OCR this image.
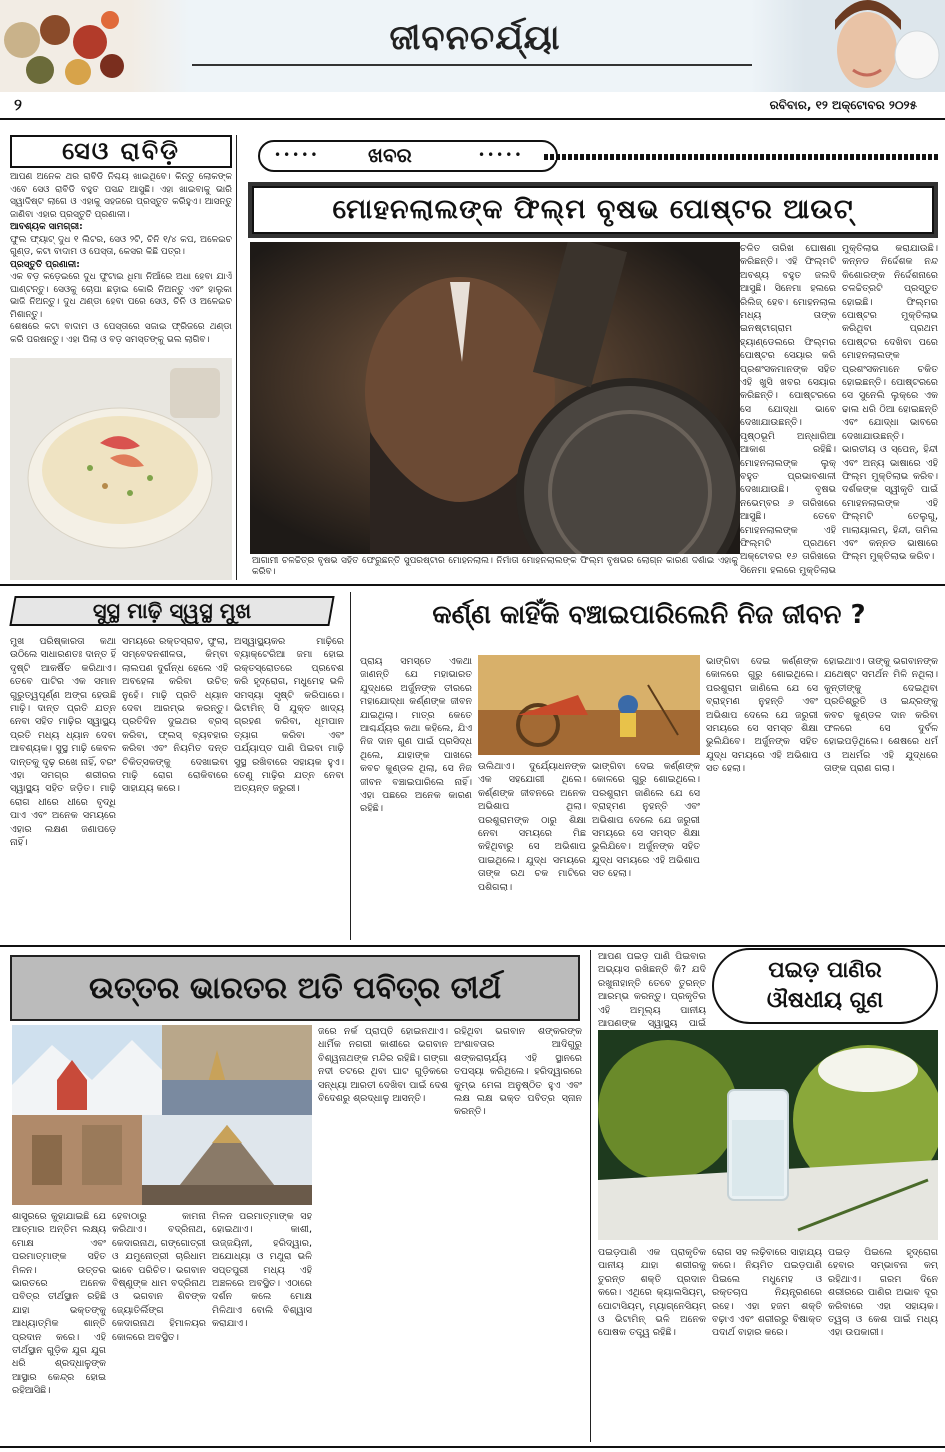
ଜୀବନଚର୍ଯ୍ୟା
୨	ରବିବାର, ୧୨ ଅକ୍ଟୋବର ୨୦୨୫
ସେଓ ରାବିଡ଼ି

ଆପଣ ଅନେକ ଥର ରାବିଡି ନିଶ୍ଚୟ ଖାଇଥିବେ। କିନ୍ତୁ ଲୋକଙ୍କ ଏବେ ସେଓ ରାବିଡି ବହୁତ ପସନ୍ଦ ଆସୁଛି। ଏହା ଖାଇବାକୁ ଭାରି ସ୍ୱାଦିଷ୍ଟ ଲାଗେ ଓ ଏହାକୁ ସହଜରେ ପ୍ରସ୍ତୁତ କରିହୁଏ। ଆସନ୍ତୁ ଜାଣିବା ଏହାର ପ୍ରସ୍ତୁତି ପ୍ରଣାଳୀ।

ଆବଶ୍ୟକ ସାମଗ୍ରୀ:

ଫୁଲ ଫ୍ୟାଟ୍ ଦୁଧ ୧ ଲିଟର, ସେଓ ୨ଟି, ଚିନି ୧/୪ କପ, ଅଳେଇଚ ଗୁଣ୍ଡ, କଟା ବାଦାମ ଓ ପେସ୍ତା, କେସର କିଛି ପତ୍ର।

ପ୍ରସ୍ତୁତି ପ୍ରଣାଳୀ:

ଏକ ବଡ଼ କଡ଼େଇରେ ଦୁଧ ଫୁଟାଇ ଧିମା ନିଆଁରେ ଅଧା ହେବା ଯାଏଁ ଘାଣ୍ଟନ୍ତୁ। ସେଓକୁ ଚୋପା ଛଡ଼ାଇ କୋରି ନିଅନ୍ତୁ ଏବଂ ହାଲୁକା ଭାଜି ନିଅନ୍ତୁ। ଦୁଧ ଥଣ୍ଡା ହେବା ପରେ ସେଓ, ଚିନି ଓ ଅଳେଇଚ ମିଶାନ୍ତୁ।

ଶେଷରେ କଟା ବାଦାମ ଓ ପେସ୍ତାରେ ସଜାଇ ଫ୍ରିଜରେ ଥଣ୍ଡା କରି ପରଷନ୍ତୁ। ଏହା ପିଲା ଓ ବଡ଼ ସମସ୍ତଙ୍କୁ ଭଲ ଲାଗିବ।

••••• ଖବର	•••••
ମୋହନଲାଲଙ୍କ ଫିଲ୍ମ ବୃଷଭ ପୋଷ୍ଟର ଆଉଟ୍
ଆଗାମୀ ଚଳଚ୍ଚିତ୍ର ବୃଷଭ ସହିତ ଫେରୁଛନ୍ତି ସୁପରଷ୍ଟାର ମୋହନଲାଲ। ନିର୍ମାତା ମୋହନଲାଲଙ୍କ ଫିଲ୍ମ ବୃଷଭର ଲୋଗ୍ନ କାରଣ ଦର୍ଶାଇ ଏହାକୁ କରିବ।
ଚଳିତ ତାରିଖ ଘୋଷଣା କରିଛନ୍ତି। ଏହି ଫିଲ୍ମଟି ଅବଶ୍ୟ ବହୁତ ଜଲଦି ଆସୁଛି। ସିନେମା ହଲରେ ରିଲିଜ୍ ହେବ। ମୋହନଲାଲ ମଧ୍ୟ ତାଙ୍କ ଇନଷ୍ଟାଗ୍ରାମ ହ୍ୟାଣ୍ଡେଲରେ ଫିଲ୍ମର ପୋଷ୍ଟର ସେୟାର କରି ପ୍ରଶଂସକମାନଙ୍କ ସହିତ ଏହି ଖୁସି ଖବର ସେୟାର କରିଛନ୍ତି। ପୋଷ୍ଟରରେ ସେ ଯୋଦ୍ଧା ଭାବେ ଦେଖାଯାଉଛନ୍ତି। ପୃଷ୍ଠଭୂମି ଅନ୍ଧାରିଆ ଆକାଶ ରହିଛି। ମୋହନଲାଲଙ୍କ ଲୁକ୍ ବହୁତ ପ୍ରଭାବଶାଳୀ ଦେଖାଯାଉଛି। ବୃଷଭ ନଭେମ୍ବର ୬ ତାରିଖରେ ଆସୁଛି। ତେବେ ମୋହନଲାଲଙ୍କ ଏହି ଫିଲ୍ମଟି ପ୍ରଥମେ ଅକ୍ଟୋବର ୧୬ ତାରିଖରେ ସିନେମା ହଲରେ ମୁକ୍ତିଲାଭ
ମୁକ୍ତିଲାଭ କରାଯାଉଛି। କନ୍ନଡ ନିର୍ଦ୍ଦେଶକ ନନ୍ଦ କିଶୋରଙ୍କ ନିର୍ଦ୍ଦେଶନାରେ ଚଳଚ୍ଚିତ୍ରଟି ପ୍ରସ୍ତୁତ ହୋଇଛି। ଫିଲ୍ମର ପୋଷ୍ଟର ମୁକ୍ତିଲାଭ କରିଥିବା ପ୍ରଥମ ପୋଷ୍ଟର ଦେଖିବା ପରେ ମୋହନଲାଲଙ୍କ ପ୍ରଶଂସକମାନେ ଚକିତ ହୋଇଛନ୍ତି। ପୋଷ୍ଟରରେ ସେ ସୁନେଲି ଲୁକ୍‌ରେ ଏକ ଢାଲ ଧରି ଠିଆ ହୋଇଛନ୍ତି ଏବଂ ଯୋଦ୍ଧା ଭାବରେ ଦେଖାଯାଉଛନ୍ତି। ଭାରତୀୟ ଓ ସ୍ପେନ୍, ହିନ୍ଦୀ ଏବଂ ଅନ୍ୟ ଭାଷାରେ ଏହି ଫିଲ୍ମ ମୁକ୍ତିଲାଭ କରିବ। ଦର୍ଶକଙ୍କ ସ୍ୱୀକୃତି ପାଇଁ ମୋହନଲାଲଙ୍କ ଏହି ଫିଲ୍ମଟି ତେଲୁଗୁ, ମାଲାୟାଲମ୍, ହିନ୍ଦୀ, ତାମିଲ ଏବଂ କନ୍ନଡ ଭାଷାରେ ଫିଲ୍ମ ମୁକ୍ତିଲାଭ କରିବ।
ସୁସ୍ଥ ମାଢ଼ି ସ୍ୱସ୍ଥ ମୁଖ
ମୁଖ ପରିଷ୍କାରତା କଥା ଉଠିଲେ ସାଧାରଣତଃ ଦାନ୍ତ ହିଁ ଦୃଷ୍ଟି ଆକର୍ଷିତ କରିଥାଏ। ତେବେ ପାଟିର ଏକ ସମାନ ଗୁରୁତ୍ୱପୂର୍ଣ୍ଣ ଅଙ୍ଗ ହେଉଛି ମାଢ଼ି। ଦାନ୍ତ ପ୍ରତି ଯତ୍ନ ନେବା ସହିତ ମାଢ଼ିର ସ୍ୱାସ୍ଥ୍ୟ ପ୍ରତି ମଧ୍ୟ ଧ୍ୟାନ ଦେବା ଆବଶ୍ୟକ। ସୁସ୍ଥ ମାଢ଼ି କେବଳ ଦାନ୍ତକୁ ଦୃଢ଼ ରଖେ ନାହିଁ, ବରଂ ଏହା ସମଗ୍ର ଶରୀରର ସ୍ୱାସ୍ଥ୍ୟ ସହିତ ଜଡ଼ିତ। ମାଢ଼ି ରୋଗ ଧୀରେ ଧୀରେ ବୃଦ୍ଧି ପାଏ ଏବଂ ଅନେକ ସମୟରେ ଏହାର ଲକ୍ଷଣ ଜଣାପଡ଼େ ନାହିଁ।
ସମୟରେ ରକ୍ତସ୍ରାବ, ଫୁଲା, ସମ୍ବେଦନଶୀଳତା, କିମ୍ବା ଲାଲପଣ ଦୁର୍ଗନ୍ଧ ହେଲେ ଏହି ଅବହେଳା କରିବା ଉଚିତ୍ ନୁହେଁ। ମାଢ଼ି ପ୍ରତି ଧ୍ୟାନ ଦେବା ଆରମ୍ଭ କରନ୍ତୁ। ପ୍ରତିଦିନ ଦୁଇଥର ବ୍ରସ୍ କରିବା, ଫ୍ଲସ୍ ବ୍ୟବହାର କରିବା ଏବଂ ନିୟମିତ ଦନ୍ତ ଚିକିତ୍ସକଙ୍କୁ ଦେଖାଇବା ମାଢ଼ି ରୋଗ ରୋକିବାରେ ସାହାଯ୍ୟ କରେ।
ଅସ୍ୱାସ୍ଥ୍ୟକର ମାଢ଼ିରେ ବ୍ୟାକ୍ଟେରିଆ ଜମା ହୋଇ ରକ୍ତସ୍ରୋତରେ ପ୍ରବେଶ କରି ହୃଦ୍‌ରୋଗ, ମଧୁମେହ ଭଳି ସମସ୍ୟା ସୃଷ୍ଟି କରିପାରେ। ଭିଟାମିନ୍ ସି ଯୁକ୍ତ ଖାଦ୍ୟ ଗ୍ରହଣ କରିବା, ଧୂମପାନ ତ୍ୟାଗ କରିବା ଏବଂ ପର୍ଯ୍ୟାପ୍ତ ପାଣି ପିଇବା ମାଢ଼ି ସୁସ୍ଥ ରଖିବାରେ ସହାୟକ ହୁଏ। ତେଣୁ ମାଢ଼ିର ଯତ୍ନ ନେବା ଅତ୍ୟନ୍ତ ଜରୁରୀ।
କର୍ଣ୍ଣ କାହିଁକି ବଞ୍ଚାଇପାରିଲେନି ନିଜ ଜୀବନ ?
ପ୍ରାୟ ସମସ୍ତେ ଏକଥା ଜାଣନ୍ତି ଯେ ମହାଭାରତ ଯୁଦ୍ଧରେ ଅର୍ଜୁନଙ୍କ ତୀରରେ ମହାଯୋଦ୍ଧା କର୍ଣ୍ଣଙ୍କ ଜୀବନ ଯାଇଥିଲା। ମାତ୍ର କେତେ ଆଶ୍ଚର୍ଯ୍ୟର କଥା କହିଲେ, ଯିଏ ନିଜ ଦାନ ଗୁଣ ପାଇଁ ପ୍ରସିଦ୍ଧ ଥିଲେ, ଯାହାଙ୍କ ପାଖରେ କବଚ କୁଣ୍ଡଳ ଥିଲା, ସେ ନିଜ ଜୀବନ ବଞ୍ଚାଇପାରିଲେ ନାହିଁ। ଏହା ପଛରେ ଅନେକ କାରଣ ରହିଛି।
ଉଲିଥାଏ। ଦୁର୍ଯ୍ୟୋଧନଙ୍କ ଏକ ସହଯୋଗୀ ଥିଲେ। କର୍ଣ୍ଣଙ୍କ ଜୀବନରେ ଅନେକ ଅଭିଶାପ ଥିଲା। ପରଶୁରାମଙ୍କ ଠାରୁ ଶିକ୍ଷା ନେବା ସମୟରେ ମିଛ କହିଥିବାରୁ ସେ ଅଭିଶାପ ପାଇଥିଲେ। ଯୁଦ୍ଧ ସମୟରେ ତାଙ୍କ ରଥ ଚକ ମାଟିରେ ପଶିଗଲା।
ଭାଙ୍ଗିବା ଦେଇ କର୍ଣ୍ଣଙ୍କ କୋଳରେ ଗୁରୁ ଶୋଇଥିଲେ। ପରଶୁରାମ ଜାଣିଲେ ଯେ ସେ ବ୍ରାହ୍ମଣ ନୁହନ୍ତି ଏବଂ ଅଭିଶାପ ଦେଲେ ଯେ ଜରୁରୀ ସମୟରେ ସେ ସମସ୍ତ ଶିକ୍ଷା ଭୁଲିଯିବେ। ଅର୍ଜୁନଙ୍କ ସହିତ ଯୁଦ୍ଧ ସମୟରେ ଏହି ଅଭିଶାପ ସତ ହେଲା।
ଭାଙ୍ଗିବା ଦେଇ କର୍ଣ୍ଣଙ୍କ କୋଳରେ ଗୁରୁ ଶୋଇଥିଲେ। ପରଶୁରାମ ଜାଣିଲେ ଯେ ସେ ବ୍ରାହ୍ମଣ ନୁହନ୍ତି ଏବଂ ଅଭିଶାପ ଦେଲେ ଯେ ଜରୁରୀ ସମୟରେ ସେ ସମସ୍ତ ଶିକ୍ଷା ଭୁଲିଯିବେ। ଅର୍ଜୁନଙ୍କ ସହିତ ଯୁଦ୍ଧ ସମୟରେ ଏହି ଅଭିଶାପ ସତ ହେଲା।
ହୋଇଥାଏ। ତାଙ୍କୁ ଭଗବାନଙ୍କ ଯଥେଷ୍ଟ ସମର୍ଥନ ମିଳି ନଥିଲା। କୁନ୍ତୀଙ୍କୁ ଦେଇଥିବା ପ୍ରତିଶ୍ରୁତି ଓ ଇନ୍ଦ୍ରଙ୍କୁ କବଚ କୁଣ୍ଡଳ ଦାନ କରିବା ଫଳରେ ସେ ଦୁର୍ବଳ ହୋଇପଡ଼ିଥିଲେ। ଶେଷରେ ଧର୍ମ ଓ ଅଧର୍ମର ଏହି ଯୁଦ୍ଧରେ ତାଙ୍କ ପ୍ରାଣ ଗଲା।
ଉତ୍ତର ଭାରତର ଅତି ପବିତ୍ର ତୀର୍ଥ
ଶାସ୍ତ୍ରରେ କୁହାଯାଇଛି ଯେ ଆତ୍ମାର ଅନ୍ତିମ ଲକ୍ଷ୍ୟ ମୋକ୍ଷ ଏବଂ ପରମାତ୍ମାଙ୍କ ସହିତ ମିଳନ। ଉତ୍ତର ଭାରତରେ ଅନେକ ପବିତ୍ର ତୀର୍ଥସ୍ଥାନ ରହିଛି ଯାହା ଭକ୍ତଙ୍କୁ ଆଧ୍ୟାତ୍ମିକ ଶାନ୍ତି ପ୍ରଦାନ କରେ। ଏହି ତୀର୍ଥସ୍ଥାନ ଗୁଡ଼ିକ ଯୁଗ ଯୁଗ ଧରି ଶ୍ରଦ୍ଧାଳୁଙ୍କ ଆସ୍ଥାର କେନ୍ଦ୍ର ହୋଇ ରହିଆସିଛି।
ହେବାଠାରୁ କାମନା କରିଥାଏ। ବଦ୍ରିନାଥ, କେଦାରନାଥ, ଗଙ୍ଗୋତ୍ରୀ ଓ ଯମୁନୋତ୍ରୀ ଚାରିଧାମ ଭାବେ ପରିଚିତ। ଭଗବାନ ବିଷ୍ଣୁଙ୍କ ଧାମ ବଦ୍ରିନାଥ ଓ ଭଗବାନ ଶିବଙ୍କ ଜ୍ୟୋତିର୍ଲିଙ୍ଗ କେଦାରନାଥ ହିମାଳୟର କୋଳରେ ଅବସ୍ଥିତ।
ମିଳନ ପରମାତ୍ମାଙ୍କ ସହ ହୋଇଥାଏ। କାଶୀ, ଉଜ୍ଜୟିନୀ, ହରିଦ୍ୱାର, ଅଯୋଧ୍ୟା ଓ ମଥୁରା ଭଳି ସପ୍ତପୁରୀ ମଧ୍ୟ ଏହି ଅଞ୍ଚଳରେ ଅବସ୍ଥିତ। ଏଠାରେ ଦର୍ଶନ କଲେ ମୋକ୍ଷ ମିଳିଥାଏ ବୋଲି ବିଶ୍ୱାସ କରାଯାଏ।
ଜରେ ନର୍କ ପ୍ରାପ୍ତି ହୋଇନଥାଏ। ଧାର୍ମିକ ନଗରୀ କାଶୀରେ ଭଗବାନ ବିଶ୍ୱନାଥଙ୍କ ମନ୍ଦିର ରହିଛି। ଗଙ୍ଗା ନଦୀ ତଟରେ ଥିବା ଘାଟ ଗୁଡ଼ିକରେ ସନ୍ଧ୍ୟା ଆରତୀ ଦେଖିବା ପାଇଁ ଦେଶ ବିଦେଶରୁ ଶ୍ରଦ୍ଧାଳୁ ଆସନ୍ତି।
ରହିଥିବା ଭଗବାନ ଶଙ୍କରଙ୍କ ଅଂଶାବତାର ଆଦିଗୁରୁ ଶଙ୍କରାଚାର୍ଯ୍ୟ ଏହି ସ୍ଥାନରେ ତପସ୍ୟା କରିଥିଲେ। ହରିଦ୍ୱାରରେ କୁମ୍ଭ ମେଳା ଅନୁଷ୍ଠିତ ହୁଏ ଏବଂ ଲକ୍ଷ ଲକ୍ଷ ଭକ୍ତ ପବିତ୍ର ସ୍ନାନ କରନ୍ତି।
ଆପଣ ପଇଡ଼ ପାଣି ପିଇବାର ଅଭ୍ୟାସ ରଖିଛନ୍ତି କି? ଯଦି ରଖୁନାହାନ୍ତି ତେବେ ତୁରନ୍ତ ଆରମ୍ଭ କରନ୍ତୁ। ପ୍ରକୃତିର ଏହି ଅମୂଲ୍ୟ ପାନୀୟ ଆପଣଙ୍କ ସ୍ୱାସ୍ଥ୍ୟ ପାଇଁ
ପଇଡ଼ ପାଣିର
ଔଷଧୀୟ ଗୁଣ
ପଇଡ଼ପାଣି ଏକ ପ୍ରାକୃତିକ ପାନୀୟ ଯାହା ଶରୀରକୁ ତୁରନ୍ତ ଶକ୍ତି ପ୍ରଦାନ କରେ। ଏଥିରେ କ୍ୟାଲସିୟମ୍, ପୋଟାସିୟମ୍, ମ୍ୟାଗ୍ନେସିୟମ୍ ଓ ଭିଟାମିନ୍ ଭଳି ଅନେକ ପୋଷକ ତତ୍ତ୍ୱ ରହିଛି।
ରୋଗ ସହ ଲଢ଼ିବାରେ ସାହାଯ୍ୟ କରେ। ନିୟମିତ ପଇଡ଼ପାଣି ପିଇଲେ ମଧୁମେହ ଓ ରକ୍ତଚାପ ନିୟନ୍ତ୍ରଣରେ ରହେ। ଏହା ହଜମ ଶକ୍ତି ବଢ଼ାଏ ଏବଂ ଶରୀରରୁ ବିଷାକ୍ତ ପଦାର୍ଥ ବାହାର କରେ।
ପଇଡ଼ ପିଇଲେ ହୃଦ୍‌ରୋଗ ହେବାର ସମ୍ଭାବନା କମ୍ ରହିଥାଏ। ଗରମ ଦିନେ ଶରୀରରେ ପାଣିର ଅଭାବ ଦୂର କରିବାରେ ଏହା ସହାୟକ। ତ୍ୱଚା ଓ କେଶ ପାଇଁ ମଧ୍ୟ ଏହା ଉପକାରୀ।
